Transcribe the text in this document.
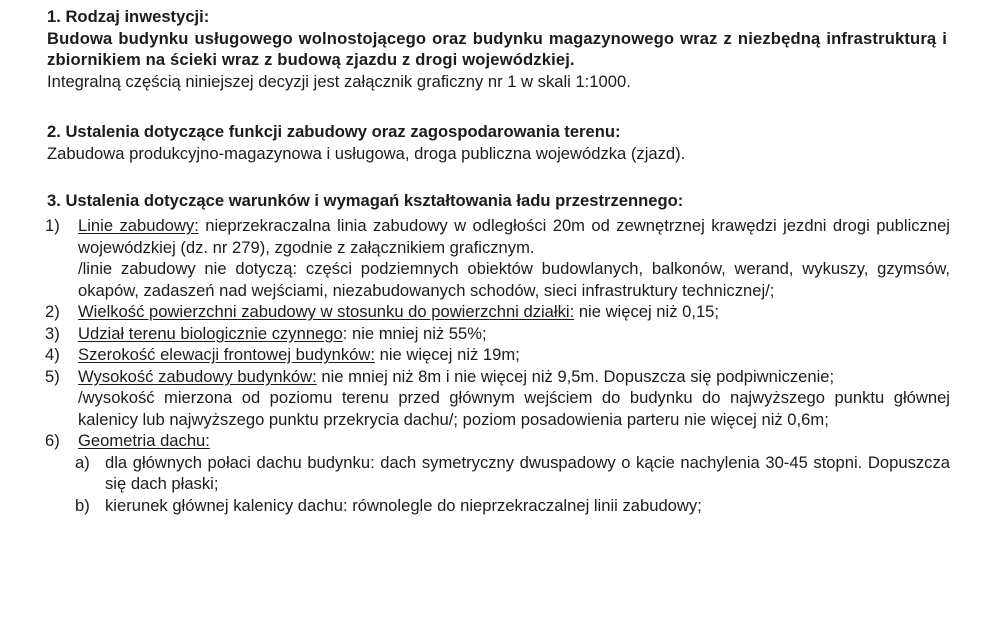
1. Rodzaj inwestycji:

Budowa budynku usługowego wolnostojącego oraz budynku magazynowego wraz z niezbędną infrastrukturą i zbiornikiem na ścieki wraz z budową zjazdu z drogi wojewódzkiej.

Integralną częścią niniejszej decyzji jest załącznik graficzny nr 1 w skali 1:1000.

2. Ustalenia dotyczące funkcji zabudowy oraz zagospodarowania terenu:

Zabudowa produkcyjno-magazynowa i usługowa, droga publiczna wojewódzka (zjazd).

3. Ustalenia dotyczące warunków i wymagań kształtowania ładu przestrzennego:

1) Linie zabudowy: nieprzekraczalna linia zabudowy w odległości 20m od zewnętrznej krawędzi jezdni drogi publicznej wojewódzkiej (dz. nr 279), zgodnie z załącznikiem graficznym.

/linie zabudowy nie dotyczą: części podziemnych obiektów budowlanych, balkonów, werand, wykuszy, gzymsów, okapów, zadaszeń nad wejściami, niezabudowanych schodów, sieci infrastruktury technicznej/;

2) Wielkość powierzchni zabudowy w stosunku do powierzchni działki: nie więcej niż 0,15;

3) Udział terenu biologicznie czynnego: nie mniej niż 55%;

4) Szerokość elewacji frontowej budynków: nie więcej niż 19m;

5) Wysokość zabudowy budynków: nie mniej niż 8m i nie więcej niż 9,5m. Dopuszcza się podpiwniczenie;

/wysokość mierzona od poziomu terenu przed głównym wejściem do budynku do najwyższego punktu głównej kalenicy lub najwyższego punktu przekrycia dachu/; poziom posadowienia parteru nie więcej niż 0,6m;

6) Geometria dachu:

a) dla głównych połaci dachu budynku: dach symetryczny dwuspadowy o kącie nachylenia 30-45 stopni. Dopuszcza się dach płaski;
b) kierunek głównej kalenicy dachu: równolegle do nieprzekraczalnej linii zabudowy;
